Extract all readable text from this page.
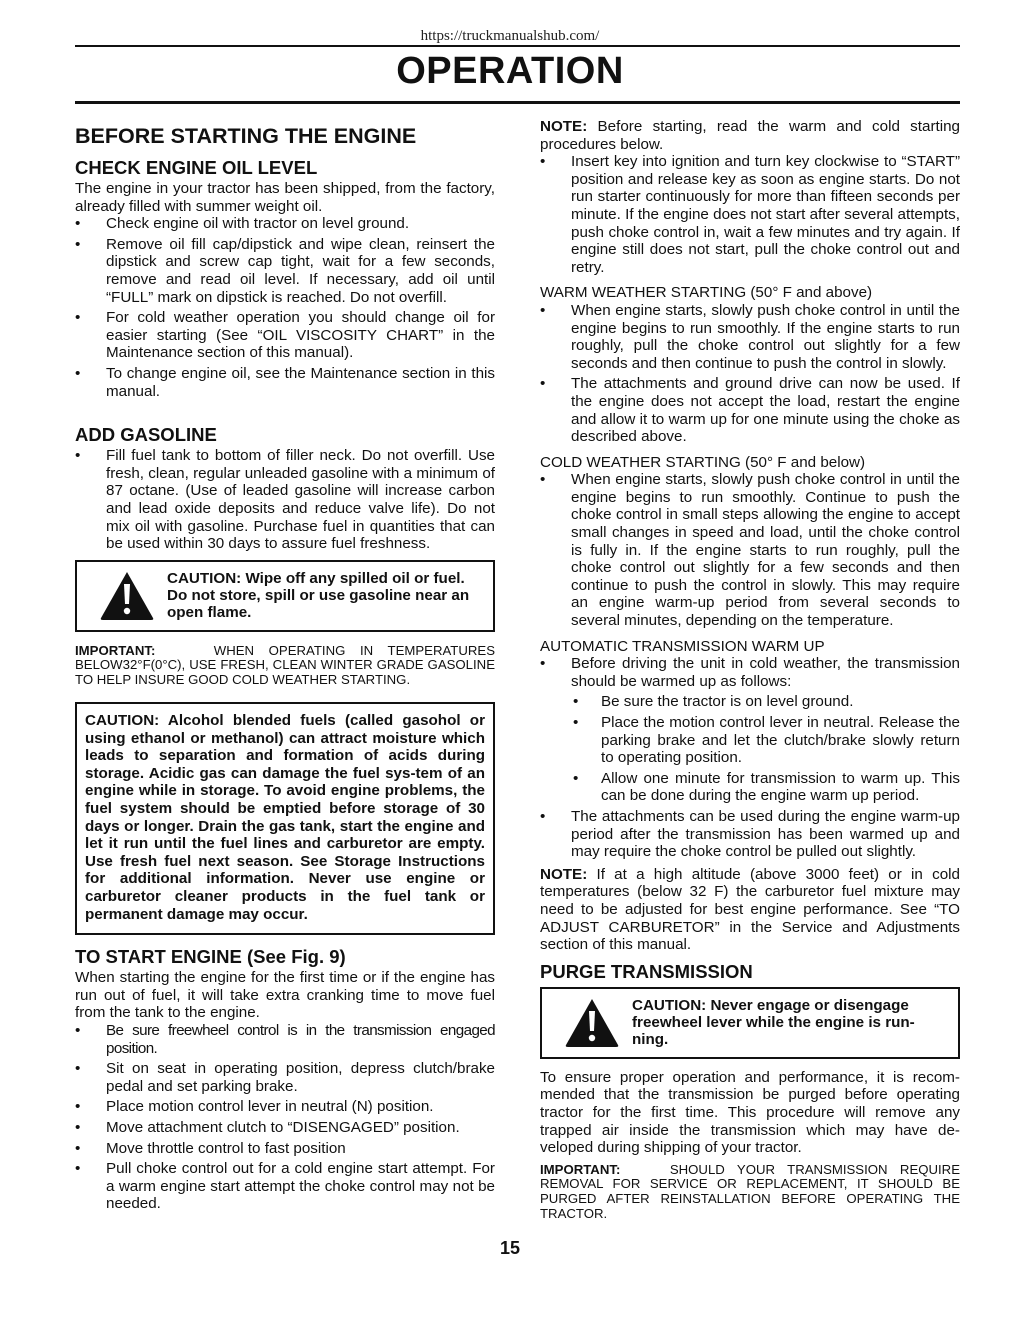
https://truckmanualshub.com/
OPERATION
BEFORE STARTING THE ENGINE
CHECK ENGINE OIL LEVEL

The engine in your tractor has been shipped, from the factory, already filled with summer weight oil.

• Check engine oil with tractor on level ground.
• Remove oil fill cap/dipstick and wipe clean, reinsert the dipstick and screw cap tight, wait for a few seconds, remove and read oil level. If necessary, add oil until “FULL” mark on dipstick is reached. Do not overfill.
• For cold weather operation you should change oil for easier starting (See “OIL VISCOSITY CHART” in the Maintenance section of this manual).
• To change engine oil, see the Maintenance section in this manual.
ADD GASOLINE
• Fill fuel tank to bottom of filler neck. Do not overfill. Use fresh, clean, regular unleaded gasoline with a minimum of 87 octane. (Use of leaded gasoline will increase carbon and lead oxide deposits and reduce valve life). Do not mix oil with gasoline. Purchase fuel in quantities that can be used within 30 days to assure fuel freshness.
CAUTION: Wipe off any spilled oil or fuel. Do not store, spill or use gasoline near an open flame.

IMPORTANT:	WHEN OPERATING IN TEMPERATURES BELOW32°F(0°C), USE FRESH, CLEAN WINTER GRADE GASOLINE TO HELP INSURE GOOD COLD WEATHER STARTING.

CAUTION: Alcohol blended fuels (called gasohol or using ethanol or methanol) can attract moisture which leads to separation and formation of acids during storage. Acidic gas can damage the fuel sys-tem of an engine while in storage. To avoid engine problems, the fuel system should be emptied before storage of 30 days or longer. Drain the gas tank, start the engine and let it run until the fuel lines and carburetor are empty. Use fresh fuel next season. See Storage Instructions for additional information. Never use engine or carburetor cleaner products in the fuel tank or permanent damage may occur.
TO START ENGINE (See Fig. 9)

When starting the engine for the first time or if the engine has run out of fuel, it will take extra cranking time to move fuel from the tank to the engine.

• Be sure freewheel control is in the transmission engaged position.
• Sit on seat in operating position, depress clutch/brake pedal and set parking brake.
• Place motion control lever in neutral (N) position.
• Move attachment clutch to “DISENGAGED” position.
• Move throttle control to fast position
• Pull choke control out for a cold engine start attempt. For a warm engine start attempt the choke control may not be needed.

NOTE: Before starting, read the warm and cold starting procedures below.

• Insert key into ignition and turn key clockwise to “START” position and release key as soon as engine starts. Do not run starter continuously for more than fifteen seconds per minute. If the engine does not start after several attempts, push choke control in, wait a few minutes and try again. If engine still does not start, pull the choke control out and retry.

WARM WEATHER STARTING (50° F and above)

• When engine starts, slowly push choke control in until the engine begins to run smoothly. If the engine starts to run roughly, pull the choke control out slightly for a few seconds and then continue to push the control in slowly.
• The attachments and ground drive can now be used. If the engine does not accept the load, restart the engine and allow it to warm up for one minute using the choke as described above.

COLD WEATHER STARTING (50° F and below)

• When engine starts, slowly push choke control in until the engine begins to run smoothly. Continue to push the choke control in small steps allowing the engine to accept small changes in speed and load, until the choke control is fully in. If the engine starts to run roughly, pull the choke control out slightly for a few seconds and then continue to push the control in slowly. This may require an engine warm-up period from several seconds to several minutes, depending on the temperature.

AUTOMATIC TRANSMISSION WARM UP

• Before driving the unit in cold weather, the transmission should be warmed up as follows:
• Be sure the tractor is on level ground.
• Place the motion control lever in neutral. Release the parking brake and let the clutch/brake slowly return to operating position.
• Allow one minute for transmission to warm up. This can be done during the engine warm up period.
• The attachments can be used during the engine warm-up period after the transmission has been warmed up and may require the choke control be pulled out slightly.

NOTE: If at a high altitude (above 3000 feet) or in cold temperatures (below 32 F) the carburetor fuel mixture may need to be adjusted for best engine performance. See “TO ADJUST CARBURETOR” in the Service and Adjustments section of this manual.

PURGE TRANSMISSION
CAUTION: Never engage or disengage freewheel lever while the engine is run-ning.

To ensure proper operation and performance, it is recom-mended that the transmission be purged before operating tractor for the first time. This procedure will remove any trapped air inside the transmission which may have de-veloped during shipping of your tractor.

IMPORTANT:	SHOULD YOUR TRANSMISSION REQUIRE REMOVAL FOR SERVICE OR REPLACEMENT, IT SHOULD BE PURGED AFTER REINSTALLATION BEFORE OPERATING THE TRACTOR.

15
